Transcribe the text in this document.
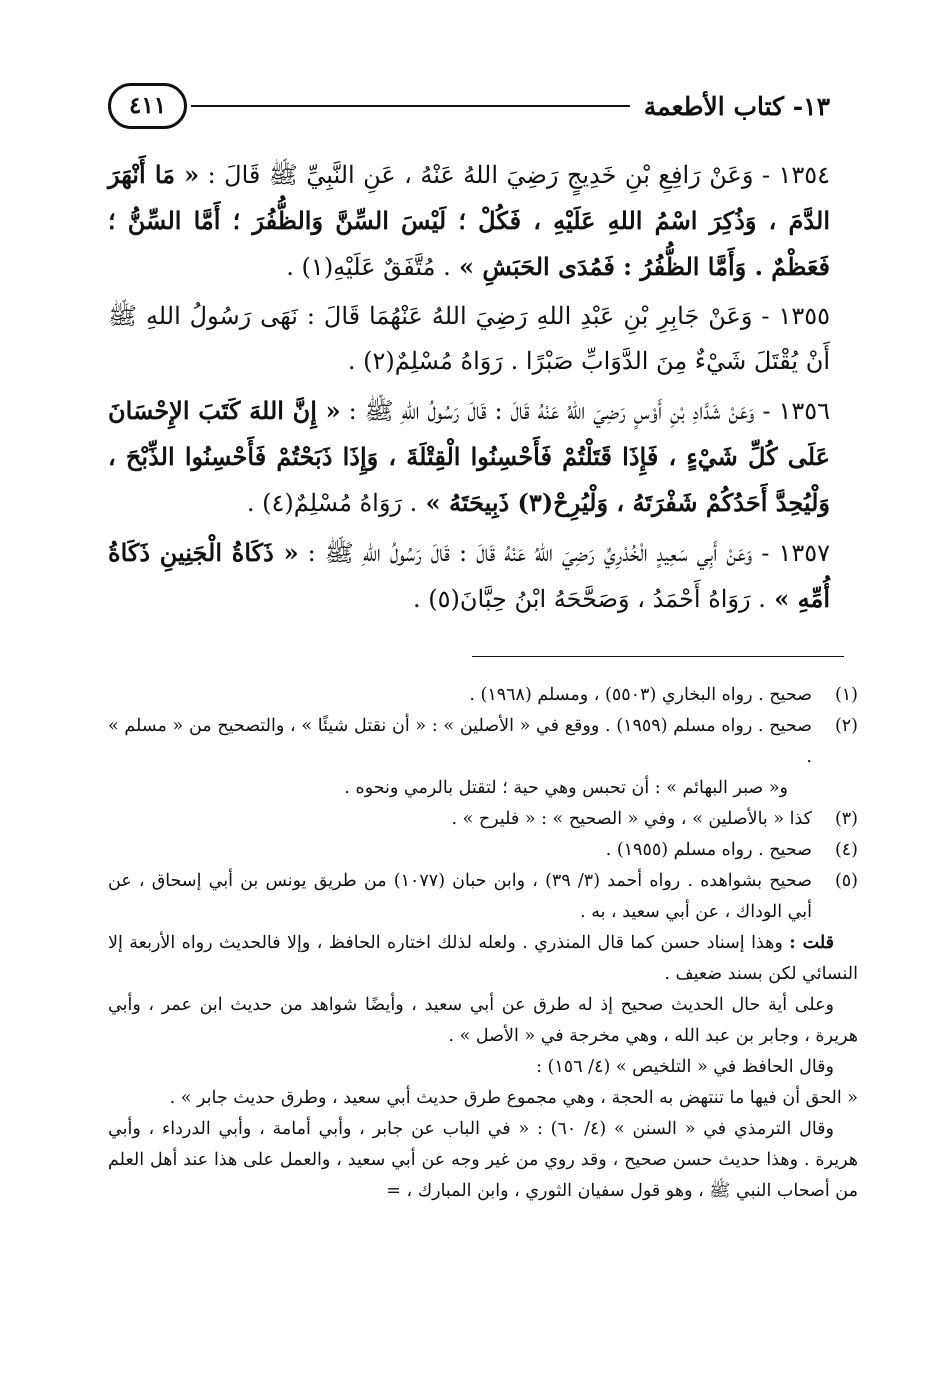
١٣- كتاب الأطعمة
٤١١

١٣٥٤ - وَعَنْ رَافِعِ بْنِ خَدِيجٍ رَضِيَ اللهُ عَنْهُ ، عَنِ النَّبِيِّ ﷺ قَالَ : « مَا أَنْهَرَ الدَّمَ ، وَذُكِرَ اسْمُ اللهِ عَلَيْهِ ، فَكُلْ ؛ لَيْسَ السِّنَّ وَالظُّفُرَ ؛ أَمَّا السِّنُّ ؛ فَعَظْمٌ . وَأَمَّا الظُّفُرُ : فَمُدَى الحَبَشِ » . مُتَّفَقٌ عَلَيْهِ(١) .

١٣٥٥ - وَعَنْ جَابِرِ بْنِ عَبْدِ اللهِ رَضِيَ اللهُ عَنْهُمَا قَالَ : نَهَى رَسُولُ اللهِ ﷺ أَنْ يُقْتَلَ شَيْءٌ مِنَ الدَّوَابِّ صَبْرًا . رَوَاهُ مُسْلِمٌ(٢) .

١٣٥٦ - وَعَنْ شَدَّادِ بْنِ أَوْسٍ رَضِيَ اللهُ عَنْهُ قَالَ : قَالَ رَسُولُ اللهِ ﷺ : « إِنَّ اللهَ كَتَبَ الإِحْسَانَ عَلَى كُلِّ شَيْءٍ ، فَإِذَا قَتَلْتُمْ فَأَحْسِنُوا الْقِتْلَةَ ، وَإِذَا ذَبَحْتُمْ فَأَحْسِنُوا الذِّبْحَ ، وَلْيُحِدَّ أَحَدُكُمْ شَفْرَتَهُ ، وَلْيُرِحْ(٣) ذَبِيحَتَهُ » . رَوَاهُ مُسْلِمٌ(٤) .

١٣٥٧ - وَعَنْ أَبِي سَعِيدٍ الْخُدْرِيِّ رَضِيَ اللهُ عَنْهُ قَالَ : قَالَ رَسُولُ اللهِ ﷺ : « ذَكَاةُ الْجَنِينِ ذَكَاةُ أُمِّهِ » . رَوَاهُ أَحْمَدُ ، وَصَحَّحَهُ ابْنُ حِبَّانَ(٥) .

(١)
صحيح . رواه البخاري (٥٥٠٣) ، ومسلم (١٩٦٨) .
(٢)
صحيح . رواه مسلم (١٩٥٩) . ووقع في « الأصلين » : « أن نقتل شيئًا » ، والتصحيح من « مسلم » .
و« صبر البهائم » : أن تحبس وهي حية ؛ لتقتل بالرمي ونحوه .
(٣)
كذا « بالأصلين » ، وفي « الصحيح » : « فليرح » .
(٤)
صحيح . رواه مسلم (١٩٥٥) .
(٥)
صحيح بشواهده . رواه أحمد (٣/ ٣٩) ، وابن حبان (١٠٧٧) من طريق يونس بن أبي إسحاق ، عن أبي الوداك ، عن أبي سعيد ، به .

قلت : وهذا إسناد حسن كما قال المنذري . ولعله لذلك اختاره الحافظ ، وإلا فالحديث رواه الأربعة إلا النسائي لكن بسند ضعيف .

وعلى أية حال الحديث صحيح إذ له طرق عن أبي سعيد ، وأيضًا شواهد من حديث ابن عمر ، وأبي هريرة ، وجابر بن عبد الله ، وهي مخرجة في « الأصل » .

وقال الحافظ في « التلخيص » (٤/ ١٥٦) :

« الحق أن فيها ما تنتهض به الحجة ، وهي مجموع طرق حديث أبي سعيد ، وطرق حديث جابر » .

وقال الترمذي في « السنن » (٤/ ٦٠) : « في الباب عن جابر ، وأبي أمامة ، وأبي الدرداء ، وأبي هريرة . وهذا حديث حسن صحيح ، وقد روي من غير وجه عن أبي سعيد ، والعمل على هذا عند أهل العلم من أصحاب النبي ﷺ ، وهو قول سفيان الثوري ، وابن المبارك ، =
